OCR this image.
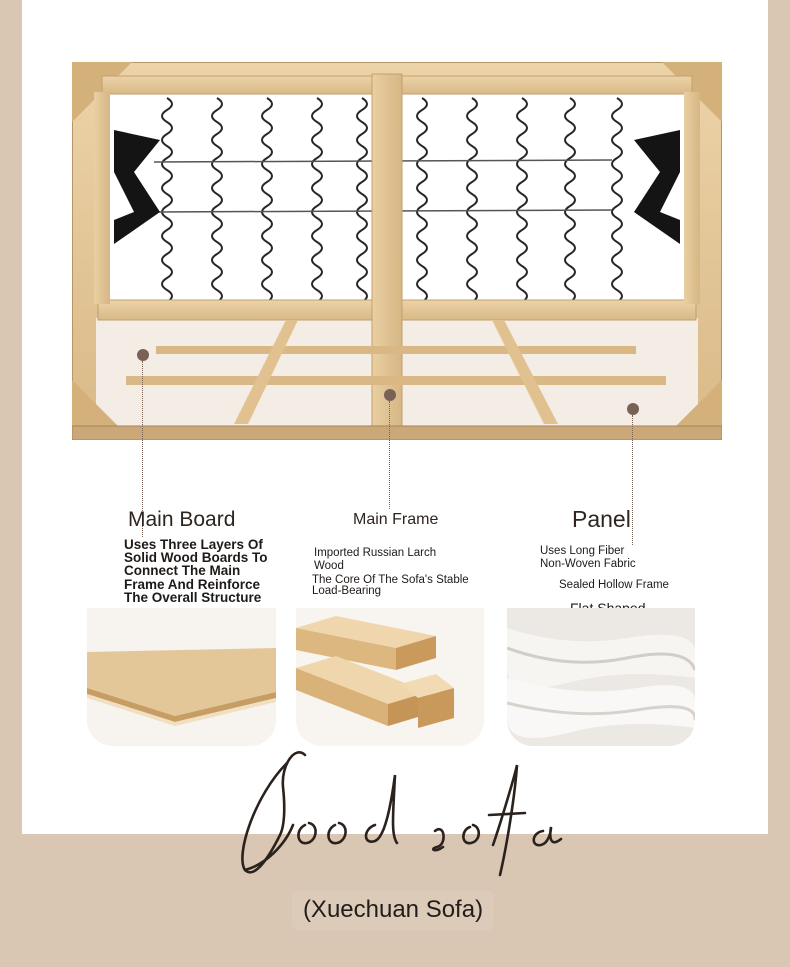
Main Board
Uses Three Layers Of Solid Wood Boards To Connect The Main Frame And Reinforce The Overall Structure
Main Frame
Imported Russian Larch Wood
The Core Of The Sofa's Stable Load-Bearing
Panel
Uses Long Fiber Non-Woven Fabric
Sealed Hollow Frame
(Xuechuan Sofa)
